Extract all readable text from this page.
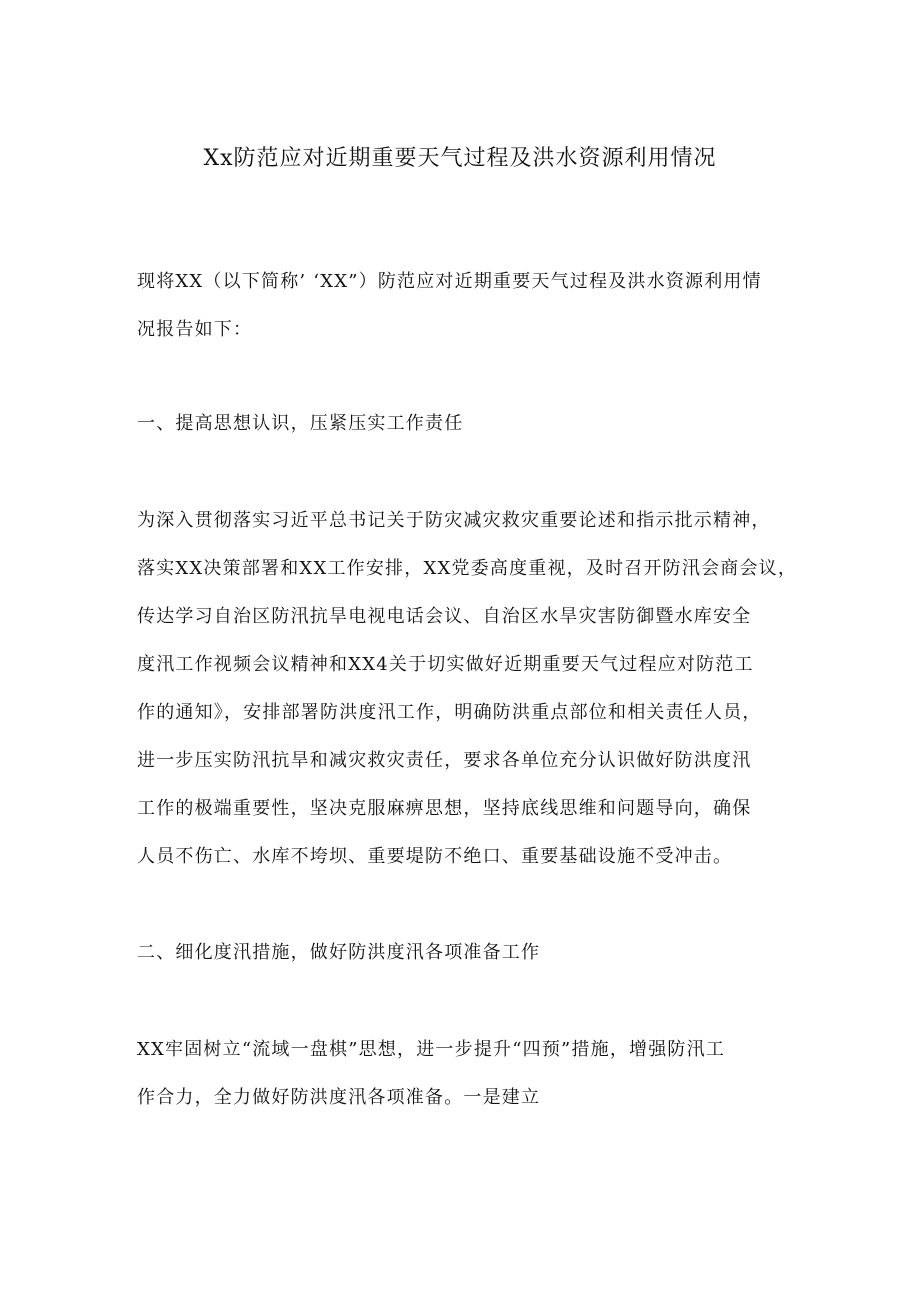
Xx防范应对近期重要天气过程及洪水资源利用情况
现将XX（以下简称’ ‘XX”）防范应对近期重要天气过程及洪水资源利用情
况报告如下：
一、提高思想认识，压紧压实工作责任
为深入贯彻落实习近平总书记关于防灾减灾救灾重要论述和指示批示精神，
落实XX决策部署和XX工作安排，XX党委高度重视，及时召开防汛会商会议，
传达学习自治区防汛抗旱电视电话会议、自治区水旱灾害防御暨水库安全
度汛工作视频会议精神和XX4关于切实做好近期重要天气过程应对防范工
作的通知》，安排部署防洪度汛工作，明确防洪重点部位和相关责任人员，
进一步压实防汛抗旱和减灾救灾责任，要求各单位充分认识做好防洪度汛
工作的极端重要性，坚决克服麻痹思想，坚持底线思维和问题导向，确保
人员不伤亡、水库不垮坝、重要堤防不绝口、重要基础设施不受冲击。
二、细化度汛措施，做好防洪度汛各项准备工作
XX牢固树立“流域一盘棋”思想，进一步提升“四预”措施，增强防汛工
作合力，全力做好防洪度汛各项准备。一是建立
